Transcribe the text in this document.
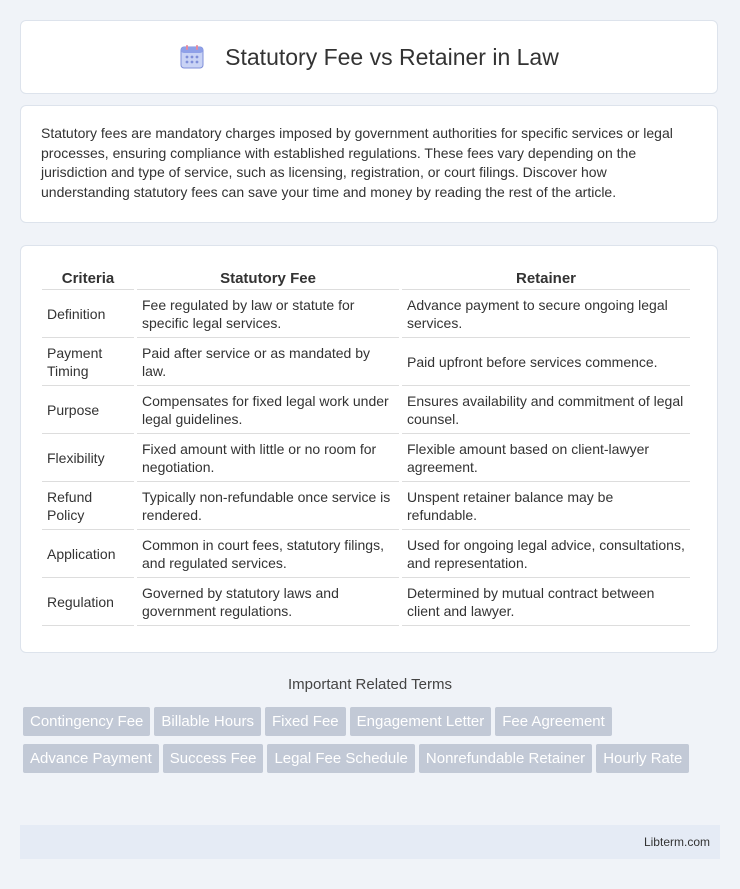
Statutory Fee vs Retainer in Law

Statutory fees are mandatory charges imposed by government authorities for specific services or legal processes, ensuring compliance with established regulations. These fees vary depending on the jurisdiction and type of service, such as licensing, registration, or court filings. Discover how understanding statutory fees can save your time and money by reading the rest of the article.

Criteria	Statutory Fee	Retainer
Definition	Fee regulated by law or statute for specific legal services.	Advance payment to secure ongoing legal services.
Payment Timing	Paid after service or as mandated by law.	Paid upfront before services commence.
Purpose	Compensates for fixed legal work under legal guidelines.	Ensures availability and commitment of legal counsel.
Flexibility	Fixed amount with little or no room for negotiation.	Flexible amount based on client-lawyer agreement.
Refund Policy	Typically non-refundable once service is rendered.	Unspent retainer balance may be refundable.
Application	Common in court fees, statutory filings, and regulated services.	Used for ongoing legal advice, consultations, and representation.
Regulation	Governed by statutory laws and government regulations.	Determined by mutual contract between client and lawyer.
Important Related Terms
Contingency Fee Billable Hours Fixed Fee Engagement Letter Fee AgreementAdvance Payment Success Fee Legal Fee Schedule Nonrefundable Retainer Hourly Rate
Libterm.com
